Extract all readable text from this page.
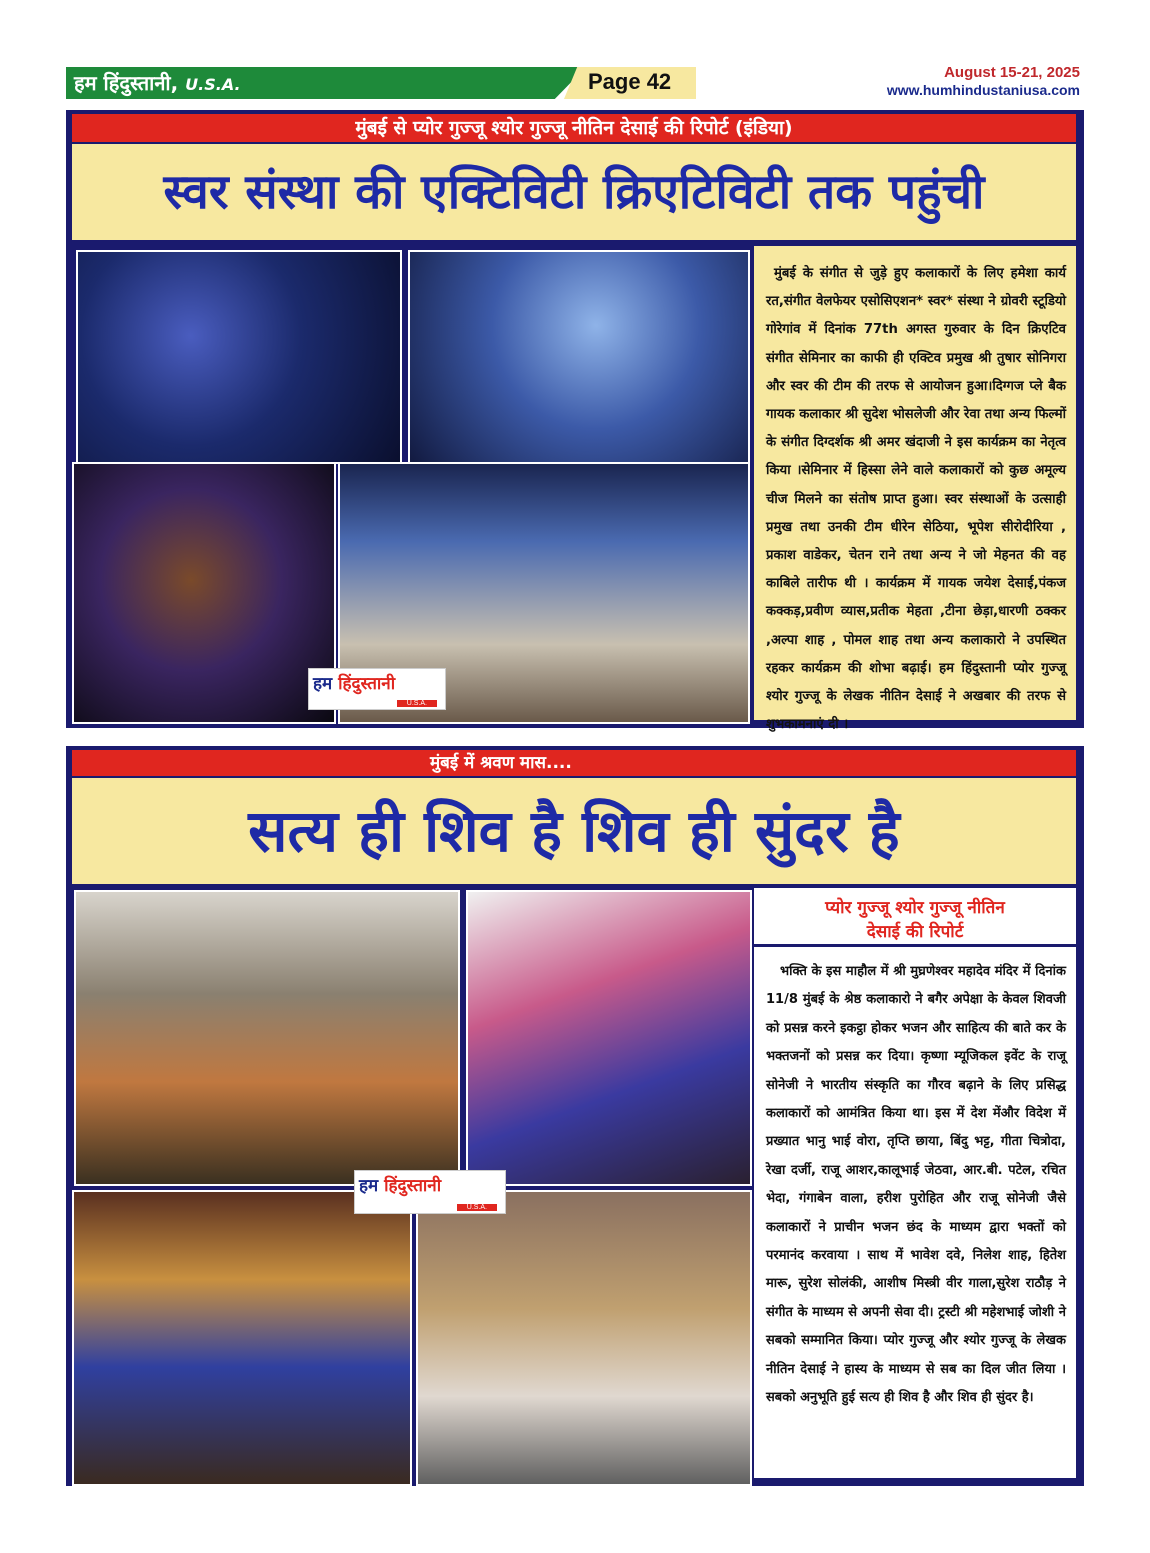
हम हिंदुस्तानी, U.S.A.	Page 42	August 15-21, 2025
www.humhindustaniusa.com
मुंबई से प्योर गुज्जू श्योर गुज्जू नीतिन देसाई की रिपोर्ट (इंडिया)
स्वर संस्था की एक्टिविटी क्रिएटिविटी तक पहुंची
हम हिंदुस्तानी
U.S.A.
मुंबई के संगीत से जुड़े हुए कलाकारों के लिए हमेशा कार्य रत,संगीत वेलफेयर एसोसिएशन* स्वर* संस्था ने ग्रोवरी स्टूडियो गोरेगांव में दिनांक 77th अगस्त गुरुवार के दिन क्रिएटिव संगीत सेमिनार का काफी ही एक्टिव प्रमुख श्री तुषार सोनिगरा और स्वर की टीम की तरफ से आयोजन हुआ।दिग्गज प्ले बैक गायक कलाकार श्री सुदेश भोसलेजी और रेवा तथा अन्य फिल्मों के संगीत दिग्दर्शक श्री अमर खंदाजी ने इस कार्यक्रम का नेतृत्व किया ।सेमिनार में हिस्सा लेने वाले कलाकारों को कुछ अमूल्य चीज मिलने का संतोष प्राप्त हुआ। स्वर संस्थाओं के उत्साही प्रमुख तथा उनकी टीम धीरेन सेठिया, भूपेश सीरोदीरिया , प्रकाश वाडेकर, चेतन राने तथा अन्य ने जो मेहनत की वह काबिले तारीफ थी । कार्यक्रम में गायक जयेश देसाई,पंकज कक्कड़,प्रवीण व्यास,प्रतीक मेहता ,टीना छेड़ा,धारणी ठक्कर ,अल्पा शाह , पोमल शाह तथा अन्य कलाकारो ने उपस्थित रहकर कार्यक्रम की शोभा बढ़ाई। हम हिंदुस्तानी प्योर गुज्जू श्योर गुज्जू के लेखक नीतिन देसाई ने अखबार की तरफ से शुभकामनाएं दी ।
मुंबई में श्रवण मास....
सत्य ही शिव है शिव ही सुंदर है
हम हिंदुस्तानी
U.S.A.
प्योर गुज्जू श्योर गुज्जू नीतिन
देसाई की रिपोर्ट
भक्ति के इस माहौल में श्री मुघ्रणेश्वर महादेव मंदिर में दिनांक 11/8 मुंबई के श्रेष्ठ कलाकारो ने बगैर अपेक्षा के केवल शिवजी को प्रसन्न करने इकट्ठा होकर भजन और साहित्य की बाते कर के भक्तजनों को प्रसन्न कर दिया। कृष्णा म्यूजिकल इवेंट के राजू सोनेजी ने भारतीय संस्कृति का गौरव बढ़ाने के लिए प्रसिद्ध कलाकारों को आमंत्रित किया था। इस में देश मेंऔर विदेश में प्रख्यात भानु भाई वोरा, तृप्ति छाया, बिंदु भट्ट, गीता चित्रोदा, रेखा दर्जी, राजू आशर,कालूभाई जेठवा, आर.बी. पटेल, रचित भेदा, गंगाबेन वाला, हरीश पुरोहित और राजू सोनेजी जैसे कलाकारों ने प्राचीन भजन छंद के माध्यम द्वारा भक्तों को परमानंद करवाया । साथ में भावेश दवे, निलेश शाह, हितेश मारू, सुरेश सोलंकी, आशीष मिस्त्री वीर गाला,सुरेश राठौड़ ने संगीत के माध्यम से अपनी सेवा दी। ट्रस्टी श्री महेशभाई जोशी ने सबको सम्मानित किया। प्योर गुज्जू और श्योर गुज्जू के लेखक नीतिन देसाई ने हास्य के माध्यम से सब का दिल जीत लिया । सबको अनुभूति हुई सत्य ही शिव है और शिव ही सुंदर है।
